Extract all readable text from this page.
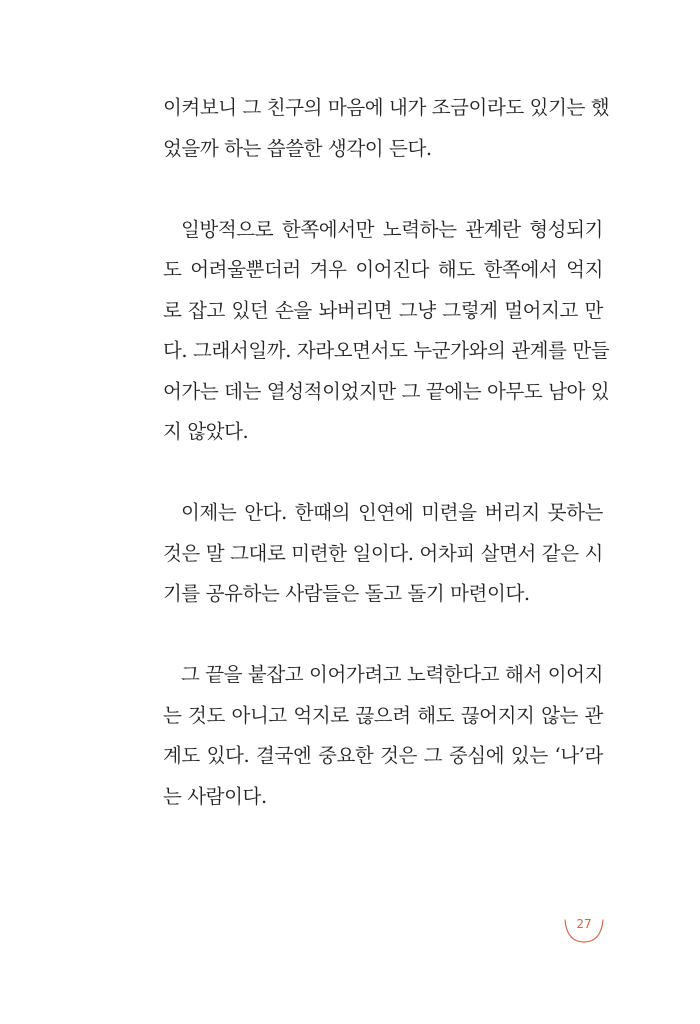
이켜보니 그 친구의 마음에 내가 조금이라도 있기는 했
었을까 하는 씁쓸한 생각이 든다.
일방적으로 한쪽에서만 노력하는 관계란 형성되기
도 어려울뿐더러 겨우 이어진다 해도 한쪽에서 억지
로 잡고 있던 손을 놔버리면 그냥 그렇게 멀어지고 만
다. 그래서일까. 자라오면서도 누군가와의 관계를 만들
어가는 데는 열성적이었지만 그 끝에는 아무도 남아 있
지 않았다.
이제는 안다. 한때의 인연에 미련을 버리지 못하는
것은 말 그대로 미련한 일이다. 어차피 살면서 같은 시
기를 공유하는 사람들은 돌고 돌기 마련이다.
그 끝을 붙잡고 이어가려고 노력한다고 해서 이어지
는 것도 아니고 억지로 끊으려 해도 끊어지지 않는 관
계도 있다. 결국엔 중요한 것은 그 중심에 있는 ‘나’라
는 사람이다.
27
